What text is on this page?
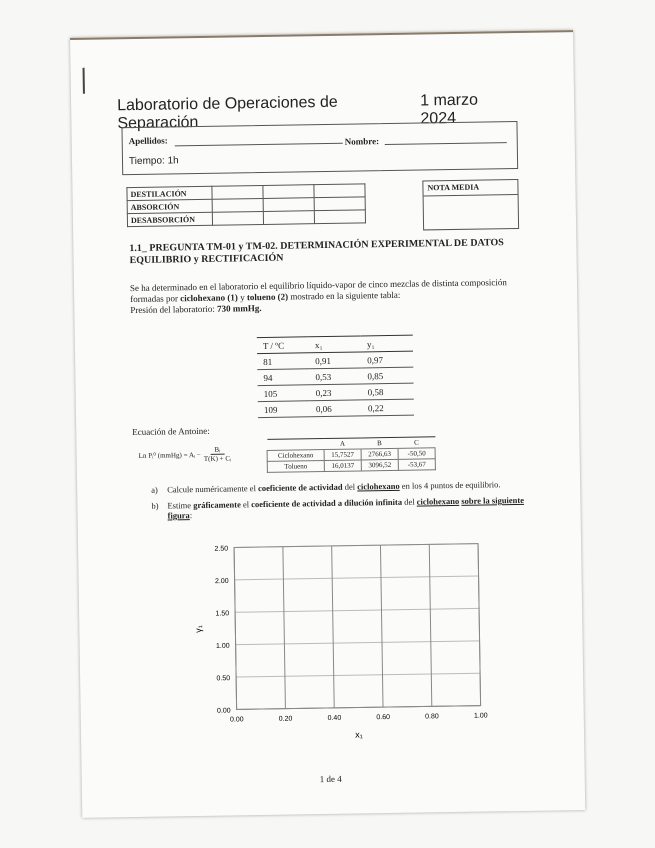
Laboratorio de Operaciones de Separación
1 marzo 2024
Apellidos:	Nombre:
Tiempo: 1h
DESTILACIÓN			
ABSORCIÓN			
DESABSORCIÓN			
NOTA MEDIA
1.1_ PREGUNTA TM-01 y TM-02. DETERMINACIÓN EXPERIMENTAL DE DATOS EQUILIBRIO y RECTIFICACIÓN
Se ha determinado en el laboratorio el equilibrio líquido-vapor de cinco mezclas de distinta composición formadas por ciclohexano (1) y tolueno (2) mostrado en la siguiente tabla:
Presión del laboratorio: 730 mmHg.
T / ºC	x₁	y₁
81	0,91	0,97
94	0,53	0,85
105	0,23	0,58
109	0,06	0,22
Ecuación de Antoine:
Ln Pᵢ⁰ (mmHg) = Aᵢ − $\frac{\text{Bᵢ}}{\text{T(K) + Cᵢ}}$
	A	B	C
Ciclohexano	15,7527	2766,63	-50,50
Tolueno	16,0137	3096,52	-53,67
a)	Calcule numéricamente el coeficiente de actividad del ciclohexano en los 4 puntos de equilibrio.
b)	Estime gráficamente el coeficiente de actividad a dilución infinita del ciclohexano sobre la siguiente figura:
0.00
0.50
1.00
1.50
2.00
2.50
0.00	0.20	0.40	0.60	0.80	1.00
x₁
γ₁
1 de 4
